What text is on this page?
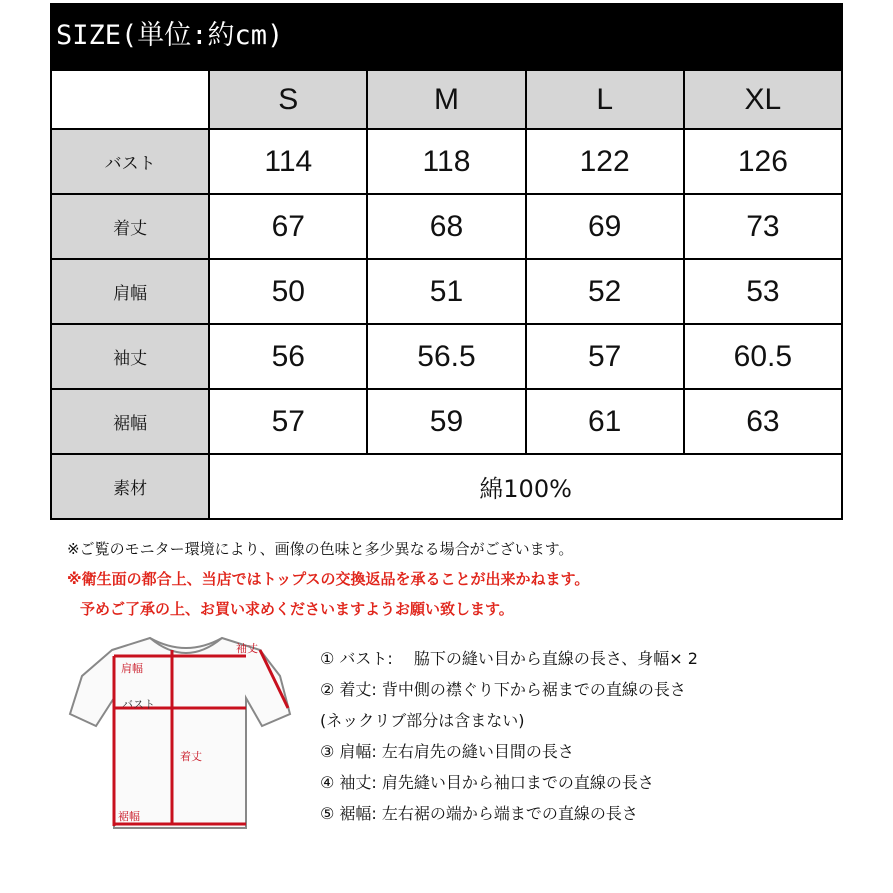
SIZE(単位:約cm)
	S	M	L	XL
バスト	114	118	122	126
着丈	67	68	69	73
肩幅	50	51	52	53
袖丈	56	56.5	57	60.5
裾幅	57	59	61	63
素材	綿100%			
※ご覧のモニター環境により、画像の色味と多少異なる場合がございます。
※衛生面の都合上、当店ではトップスの交換返品を承ることが出来かねます。
予めご了承の上、お買い求めくださいますようお願い致します。
肩幅
バスト
着丈
袖丈
裾幅
① バスト:　 脇下の縫い目から直線の長さ、身幅× 2
② 着丈: 背中側の襟ぐり下から裾までの直線の長さ
(ネックリブ部分は含まない)
③ 肩幅: 左右肩先の縫い目間の長さ
④ 袖丈: 肩先縫い目から袖口までの直線の長さ
⑤ 裾幅: 左右裾の端から端までの直線の長さ
